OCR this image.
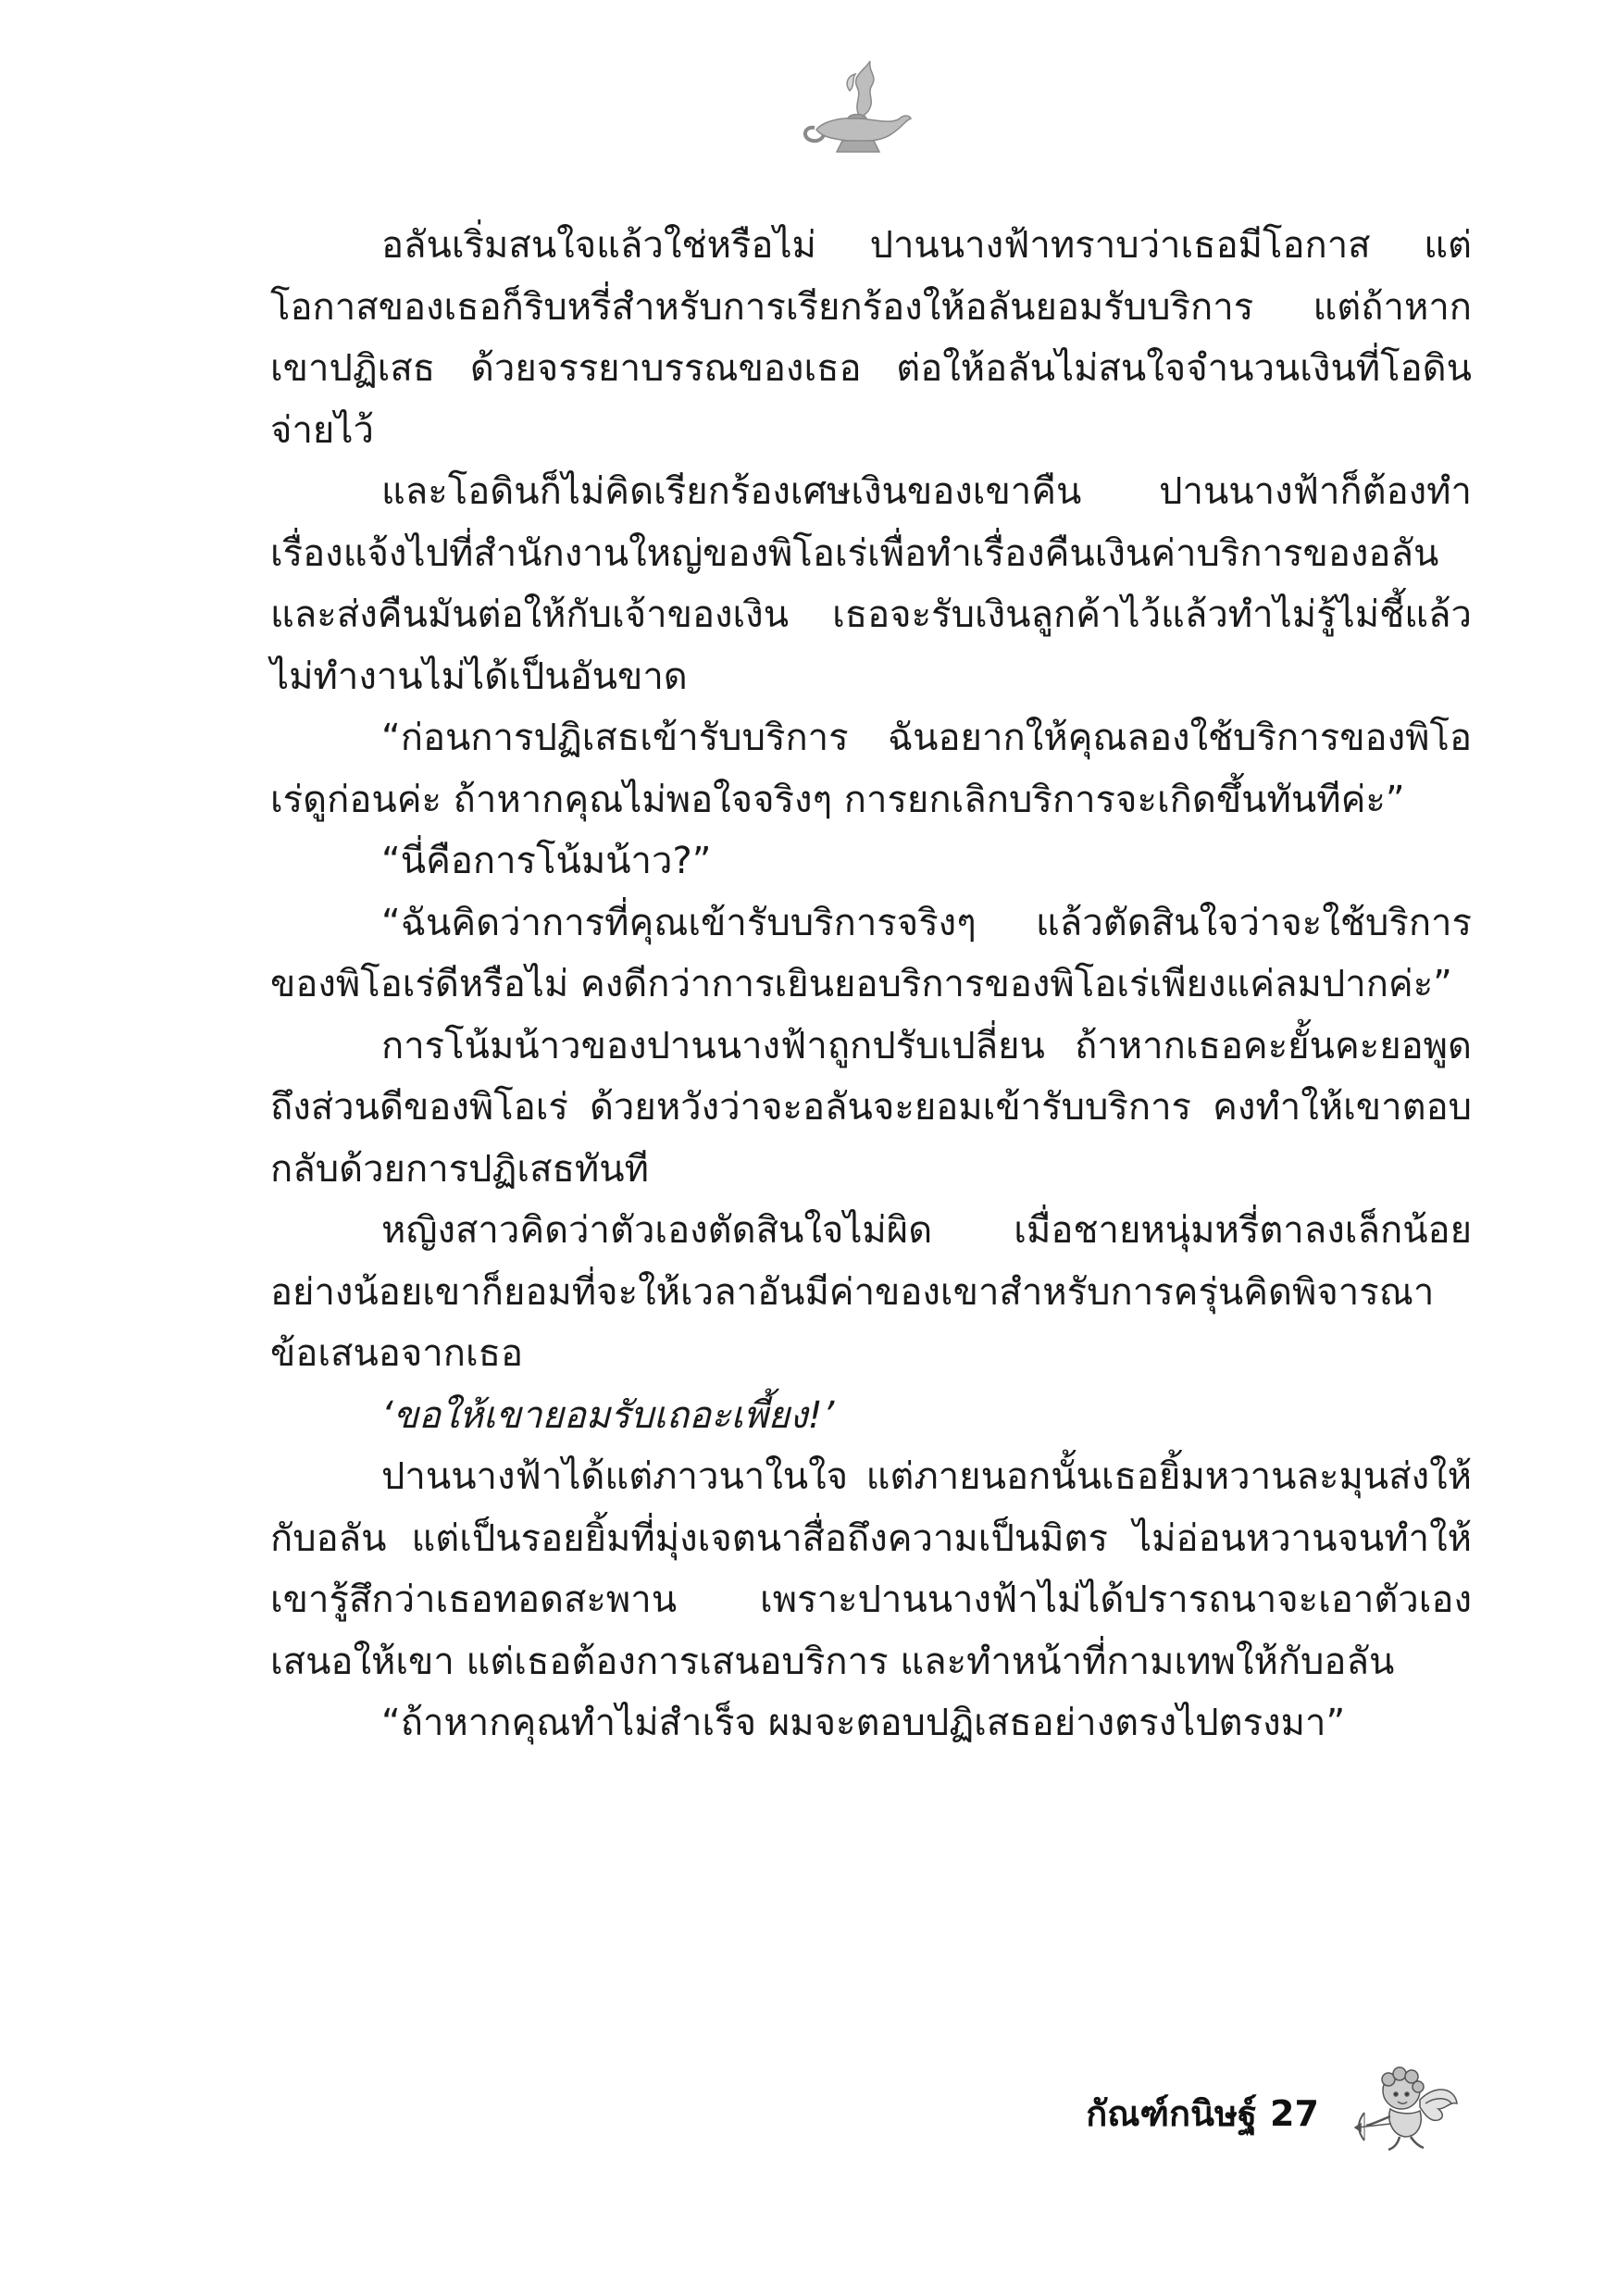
อลันเริ่มสนใจแล้วใช่หรือไม่ ปานนางฟ้าทราบว่าเธอมีโอกาส แต่โอกาสของเธอก็ริบหรี่สำหรับการเรียกร้องให้อลันยอมรับบริการ แต่ถ้าหากเขาปฏิเสธ ด้วยจรรยาบรรณของเธอ ต่อให้อลันไม่สนใจจำนวนเงินที่โอดินจ่ายไว้

และโอดินก็ไม่คิดเรียกร้องเศษเงินของเขาคืน ปานนางฟ้าก็ต้องทำเรื่องแจ้งไปที่สำนักงานใหญ่ของพิโอเร่เพื่อทำเรื่องคืนเงินค่าบริการของอลันและส่งคืนมันต่อให้กับเจ้าของเงิน เธอจะรับเงินลูกค้าไว้แล้วทำไม่รู้ไม่ชี้แล้วไม่ทำงานไม่ได้เป็นอันขาด

“ก่อนการปฏิเสธเข้ารับบริการ ฉันอยากให้คุณลองใช้บริการของพิโอเร่ดูก่อนค่ะ ถ้าหากคุณไม่พอใจจริงๆ การยกเลิกบริการจะเกิดขึ้นทันทีค่ะ”

“นี่คือการโน้มน้าว?”

“ฉันคิดว่าการที่คุณเข้ารับบริการจริงๆ แล้วตัดสินใจว่าจะใช้บริการของพิโอเร่ดีหรือไม่ คงดีกว่าการเยินยอบริการของพิโอเร่เพียงแค่ลมปากค่ะ”

การโน้มน้าวของปานนางฟ้าถูกปรับเปลี่ยน ถ้าหากเธอคะยั้นคะยอพูดถึงส่วนดีของพิโอเร่ ด้วยหวังว่าจะอลันจะยอมเข้ารับบริการ คงทำให้เขาตอบกลับด้วยการปฏิเสธทันที

หญิงสาวคิดว่าตัวเองตัดสินใจไม่ผิด เมื่อชายหนุ่มหรี่ตาลงเล็กน้อยอย่างน้อยเขาก็ยอมที่จะให้เวลาอันมีค่าของเขาสำหรับการครุ่นคิดพิจารณาข้อเสนอจากเธอ

‘ขอให้เขายอมรับเถอะเพี้ยง!’

ปานนางฟ้าได้แต่ภาวนาในใจ แต่ภายนอกนั้นเธอยิ้มหวานละมุนส่งให้กับอลัน แต่เป็นรอยยิ้มที่มุ่งเจตนาสื่อถึงความเป็นมิตร ไม่อ่อนหวานจนทำให้เขารู้สึกว่าเธอทอดสะพาน เพราะปานนางฟ้าไม่ได้ปรารถนาจะเอาตัวเองเสนอให้เขา แต่เธอต้องการเสนอบริการ และทำหน้าที่กามเทพให้กับอลัน

“ถ้าหากคุณทำไม่สำเร็จ ผมจะตอบปฏิเสธอย่างตรงไปตรงมา”

กัณฑ์กนิษฐ์ 27
